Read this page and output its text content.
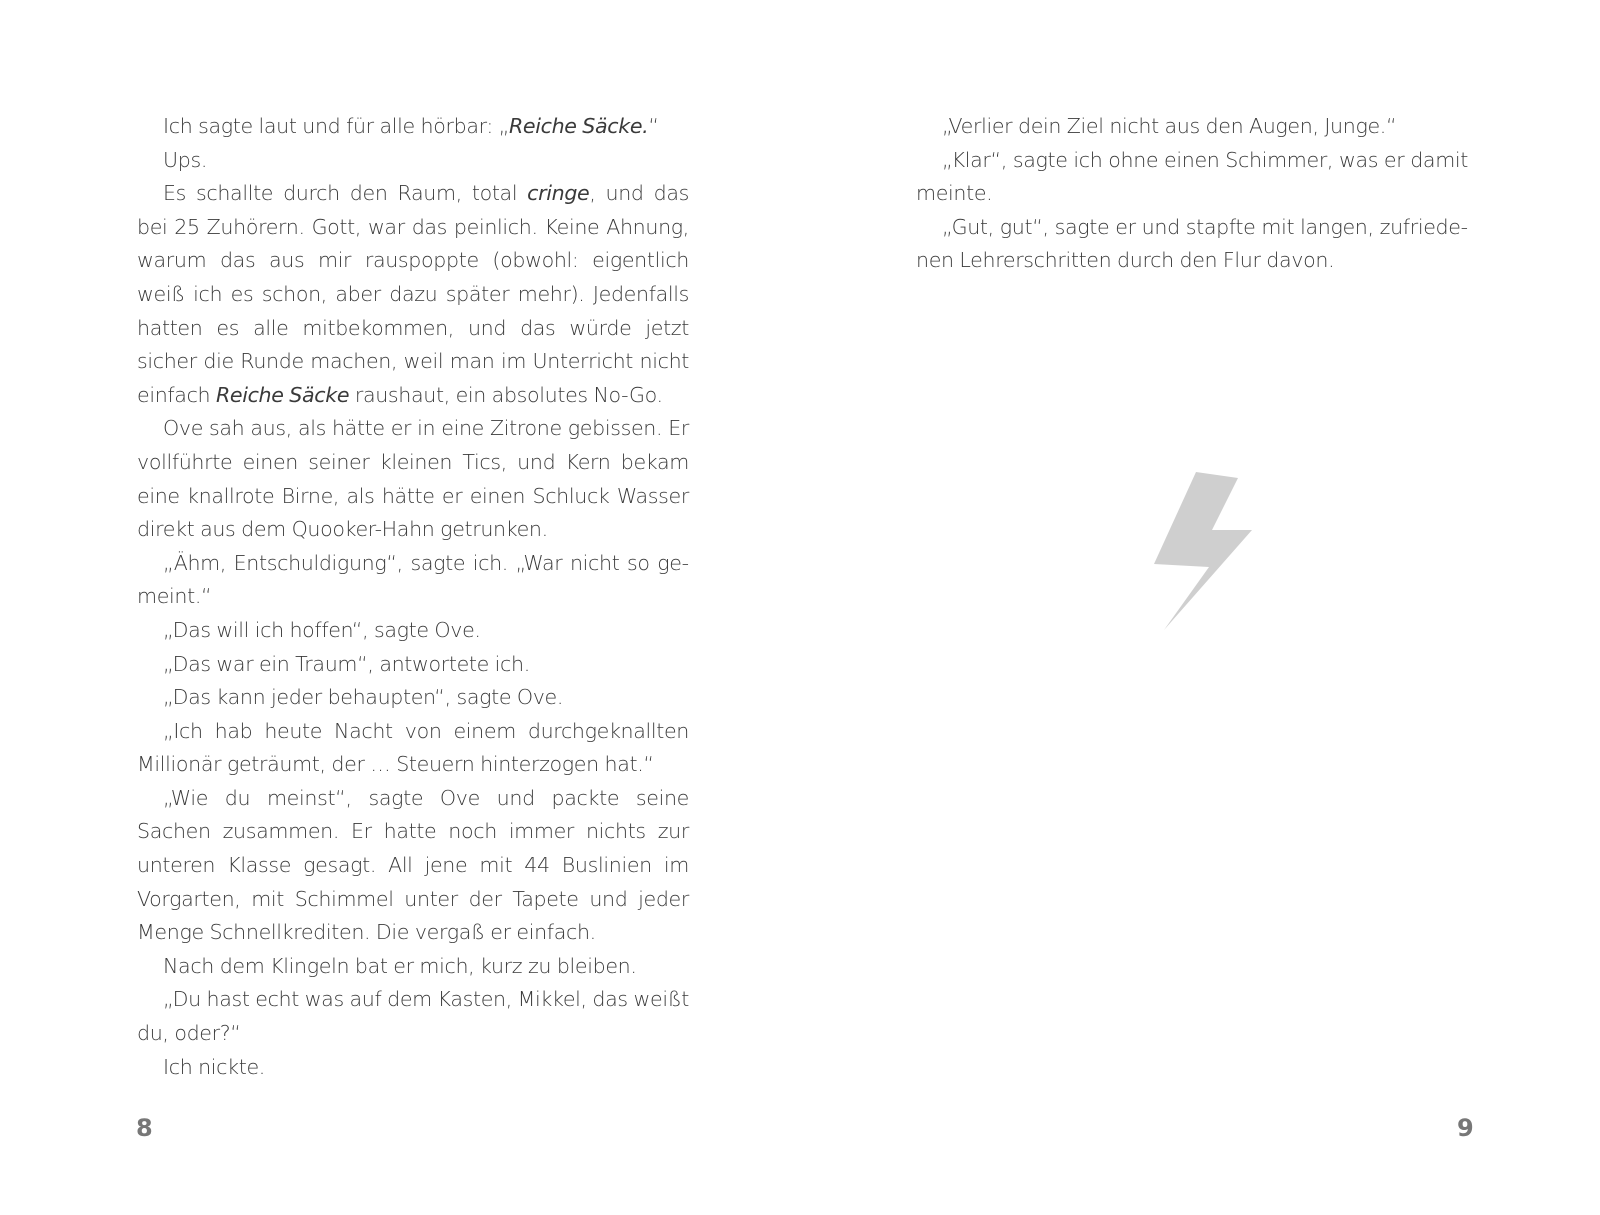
Ich sagte laut und für alle hörbar: „Reiche Säcke.“

Ups.

Es schallte durch den Raum, total cringe, und das bei 25 Zuhörern. Gott, war das peinlich. Keine Ahnung, warum das aus mir rauspoppte (obwohl: eigentlich weiß ich es schon, aber dazu später mehr). Jedenfalls hatten es alle mitbekommen, und das würde jetzt sicher die Runde machen, weil man im Unterricht nicht einfach Reiche Säcke raushaut, ein absolutes No-Go.

Ove sah aus, als hätte er in eine Zitrone gebissen. Er vollführte einen seiner kleinen Tics, und Kern bekam eine knallrote Birne, als hätte er einen Schluck Wasser direkt aus dem Quooker-Hahn getrunken.

„Ähm, Entschuldigung“, sagte ich. „War nicht so gemeint.“

„Das will ich hoffen“, sagte Ove.

„Das war ein Traum“, antwortete ich.

„Das kann jeder behaupten“, sagte Ove.

„Ich hab heute Nacht von einem durchgeknallten Millionär geträumt, der … Steuern hinterzogen hat.“

„Wie du meinst“, sagte Ove und packte seine Sachen zusammen. Er hatte noch immer nichts zur unteren Klasse gesagt. All jene mit 44 Buslinien im Vorgarten, mit Schimmel unter der Tapete und jeder Menge Schnellkrediten. Die vergaß er einfach.

Nach dem Klingeln bat er mich, kurz zu bleiben.

„Du hast echt was auf dem Kasten, Mikkel, das weißt du, oder?“

Ich nickte.

8

„Verlier dein Ziel nicht aus den Augen, Junge.“

„Klar“, sagte ich ohne einen Schimmer, was er damit meinte.

„Gut, gut“, sagte er und stapfte mit langen, zufriedenen Lehrerschritten durch den Flur davon.

9
